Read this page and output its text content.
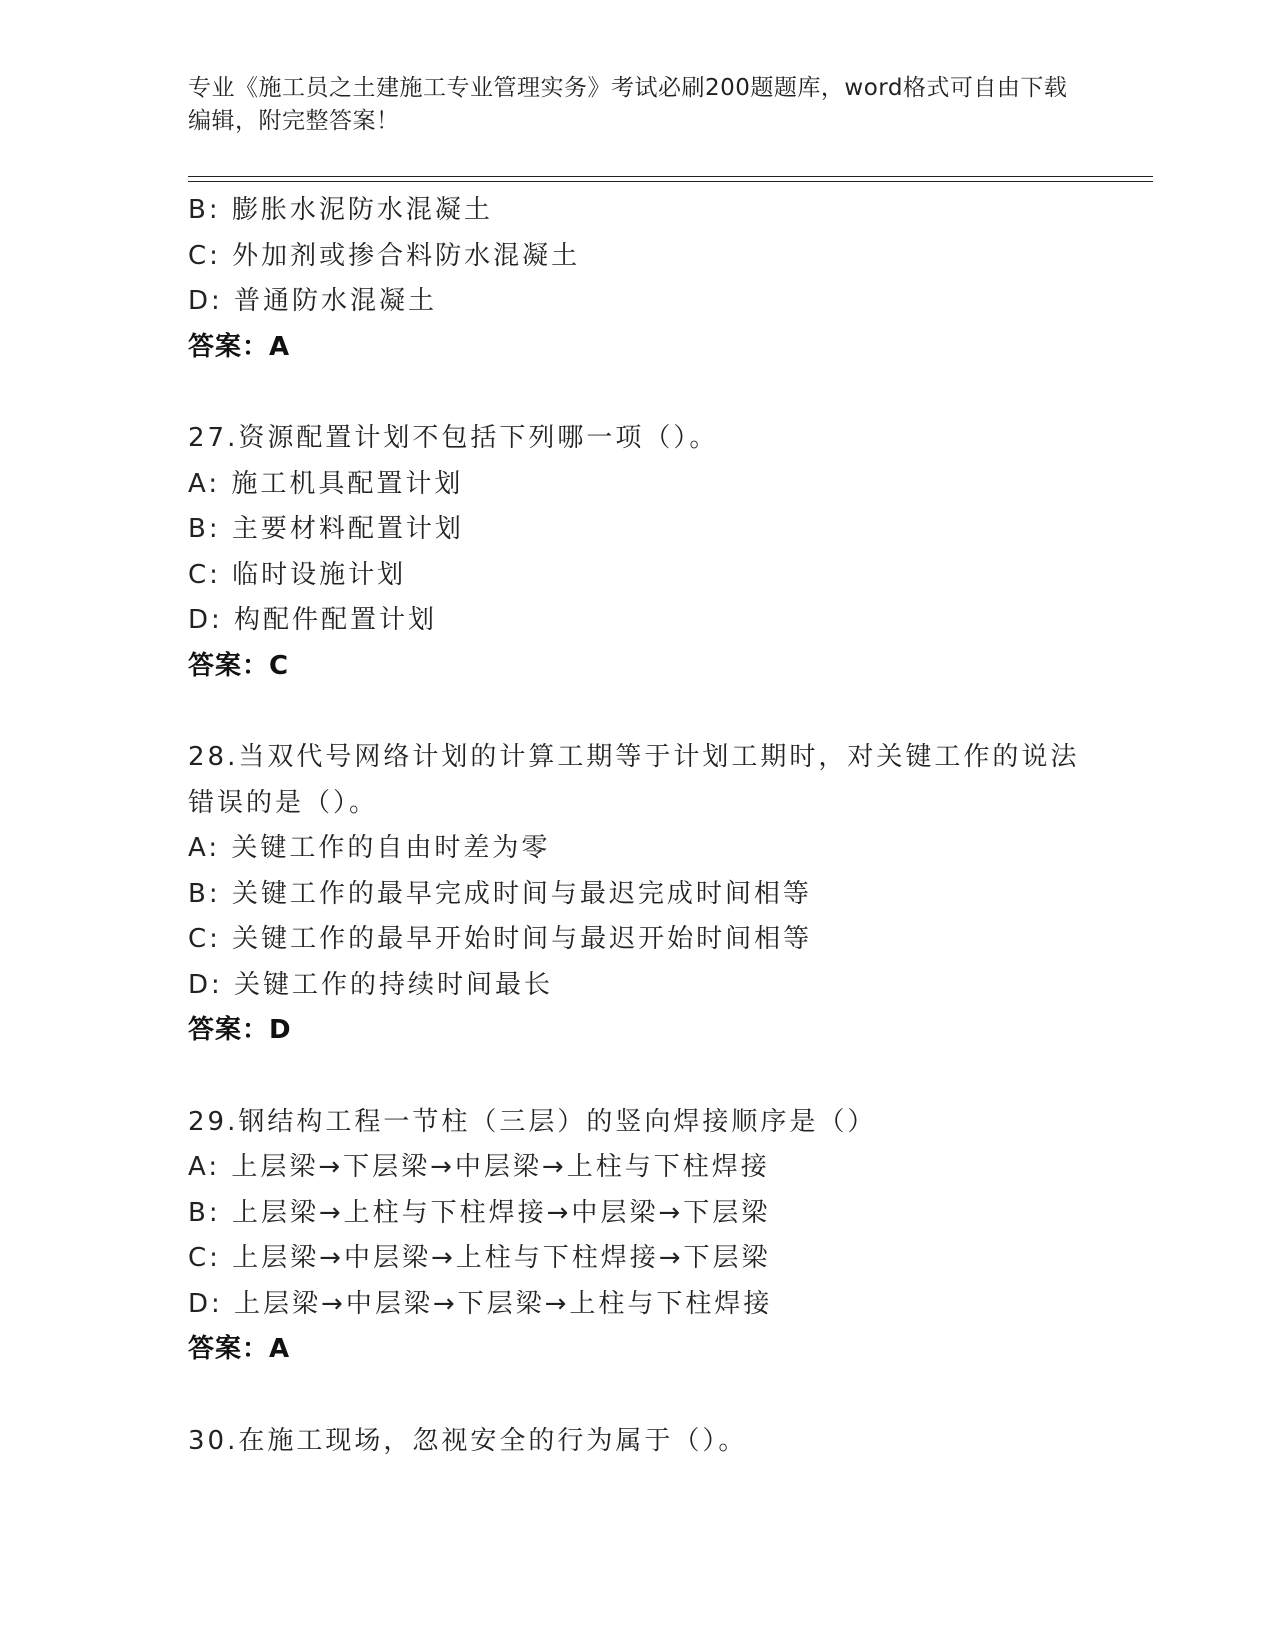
专业《施工员之土建施工专业管理实务》考试必刷200题题库，word格式可自由下载编辑，附完整答案！
B: 膨胀水泥防水混凝土
C: 外加剂或掺合料防水混凝土
D: 普通防水混凝土
答案：A
27.资源配置计划不包括下列哪一项（）。
A: 施工机具配置计划
B: 主要材料配置计划
C: 临时设施计划
D: 构配件配置计划
答案：C
28.当双代号网络计划的计算工期等于计划工期时，对关键工作的说法错误的是（）。
A: 关键工作的自由时差为零
B: 关键工作的最早完成时间与最迟完成时间相等
C: 关键工作的最早开始时间与最迟开始时间相等
D: 关键工作的持续时间最长
答案：D
29.钢结构工程一节柱（三层）的竖向焊接顺序是（）
A: 上层梁→下层梁→中层梁→上柱与下柱焊接
B: 上层梁→上柱与下柱焊接→中层梁→下层梁
C: 上层梁→中层梁→上柱与下柱焊接→下层梁
D: 上层梁→中层梁→下层梁→上柱与下柱焊接
答案：A
30.在施工现场，忽视安全的行为属于（）。
